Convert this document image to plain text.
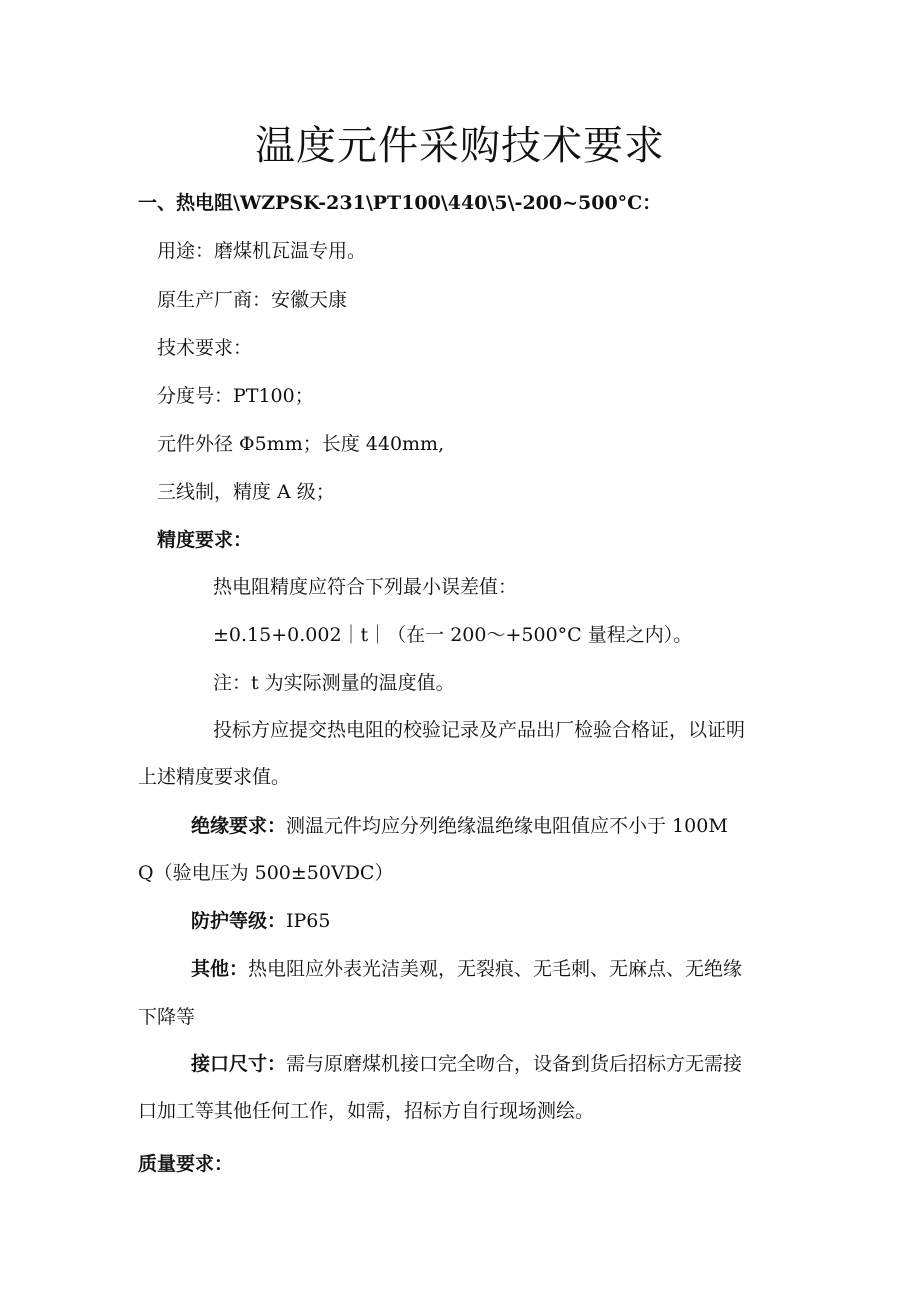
温度元件采购技术要求
一、热电阻\WZPSK-231\PT100\440\5\-200~500°C：
用途：磨煤机瓦温专用。
原生产厂商：安徽天康
技术要求：
分度号：PT100；
元件外径 Φ5mm；长度 440mm,
三线制，精度 A 级；
精度要求：
热电阻精度应符合下列最小误差值：
±0.15+0.002｜t｜（在一 200～+500°C 量程之内）。
注：t 为实际测量的温度值。
投标方应提交热电阻的校验记录及产品出厂检验合格证，以证明
上述精度要求值。
绝缘要求：测温元件均应分列绝缘温绝缘电阻值应不小于 100M
Q（验电压为 500±50VDC）
防护等级：IP65
其他：热电阻应外表光洁美观，无裂痕、无毛刺、无麻点、无绝缘
下降等
接口尺寸：需与原磨煤机接口完全吻合，设备到货后招标方无需接
口加工等其他任何工作，如需，招标方自行现场测绘。
质量要求：
